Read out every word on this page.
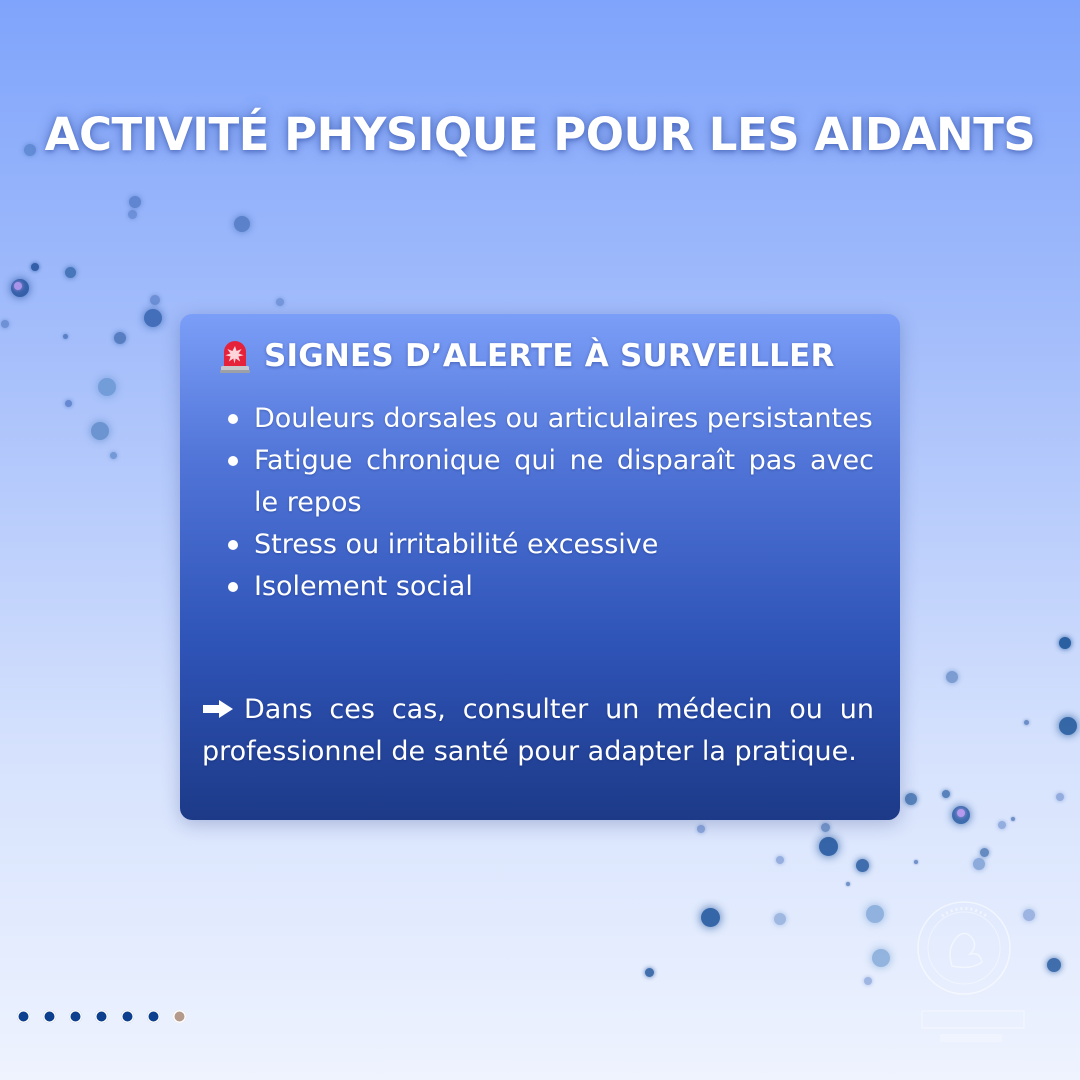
ACTIVITÉ PHYSIQUE POUR LES AIDANTS
SIGNES D’ALERTE À SURVEILLER
Douleurs dorsales ou articulaires persistantes
Fatigue chronique qui ne disparaît pas avec le repos
Stress ou irritabilité excessive
Isolement social
Dans ces cas, consulter un médecin ou un professionnel de santé pour adapter la pratique.
